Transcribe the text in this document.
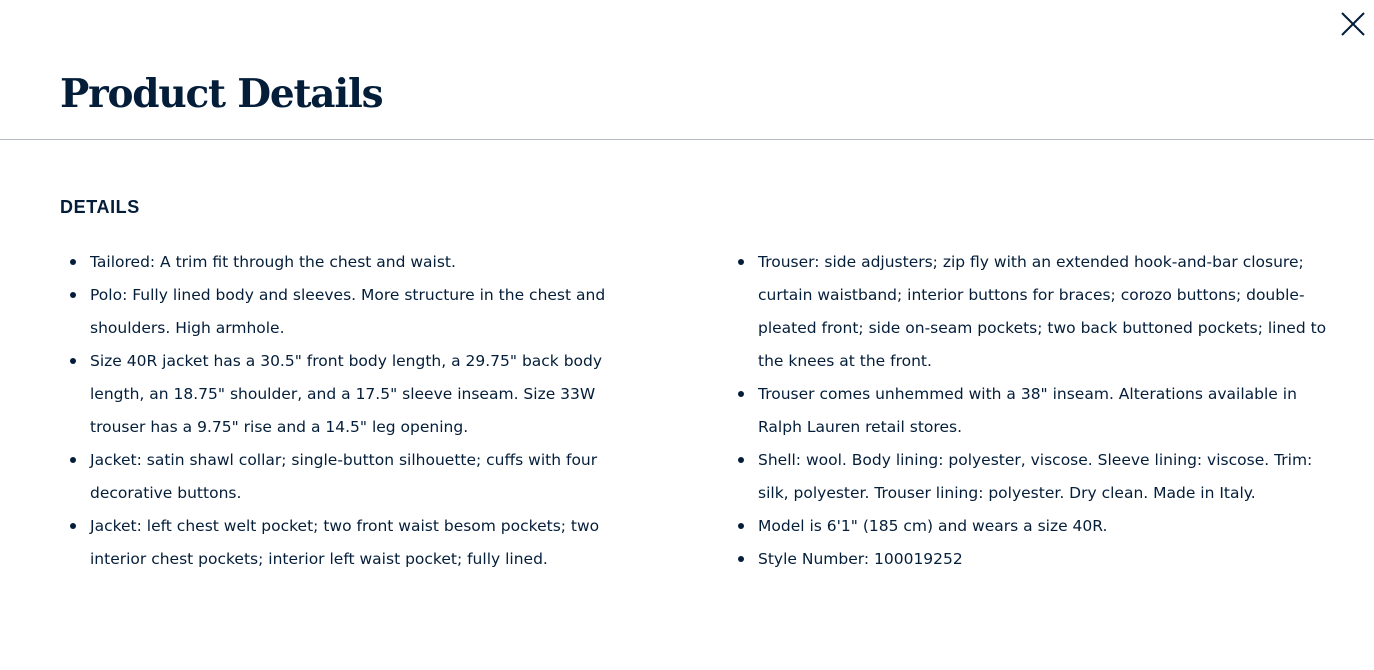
Product Details
DETAILS
Tailored: A trim fit through the chest and waist.
Polo: Fully lined body and sleeves. More structure in the chest and shoulders. High armhole.
Size 40R jacket has a 30.5" front body length, a 29.75" back body length, an 18.75" shoulder, and a 17.5" sleeve inseam. Size 33W trouser has a 9.75" rise and a 14.5" leg opening.
Jacket: satin shawl collar; single-button silhouette; cuffs with four decorative buttons.
Jacket: left chest welt pocket; two front waist besom pockets; two interior chest pockets; interior left waist pocket; fully lined.
Trouser: side adjusters; zip fly with an extended hook-and-bar closure; curtain waistband; interior buttons for braces; corozo buttons; double-pleated front; side on-seam pockets; two back buttoned pockets; lined to the knees at the front.
Trouser comes unhemmed with a 38" inseam. Alterations available in Ralph Lauren retail stores.
Shell: wool. Body lining: polyester, viscose. Sleeve lining: viscose. Trim: silk, polyester. Trouser lining: polyester. Dry clean. Made in Italy.
Model is 6'1" (185 cm) and wears a size 40R.
Style Number: 100019252
